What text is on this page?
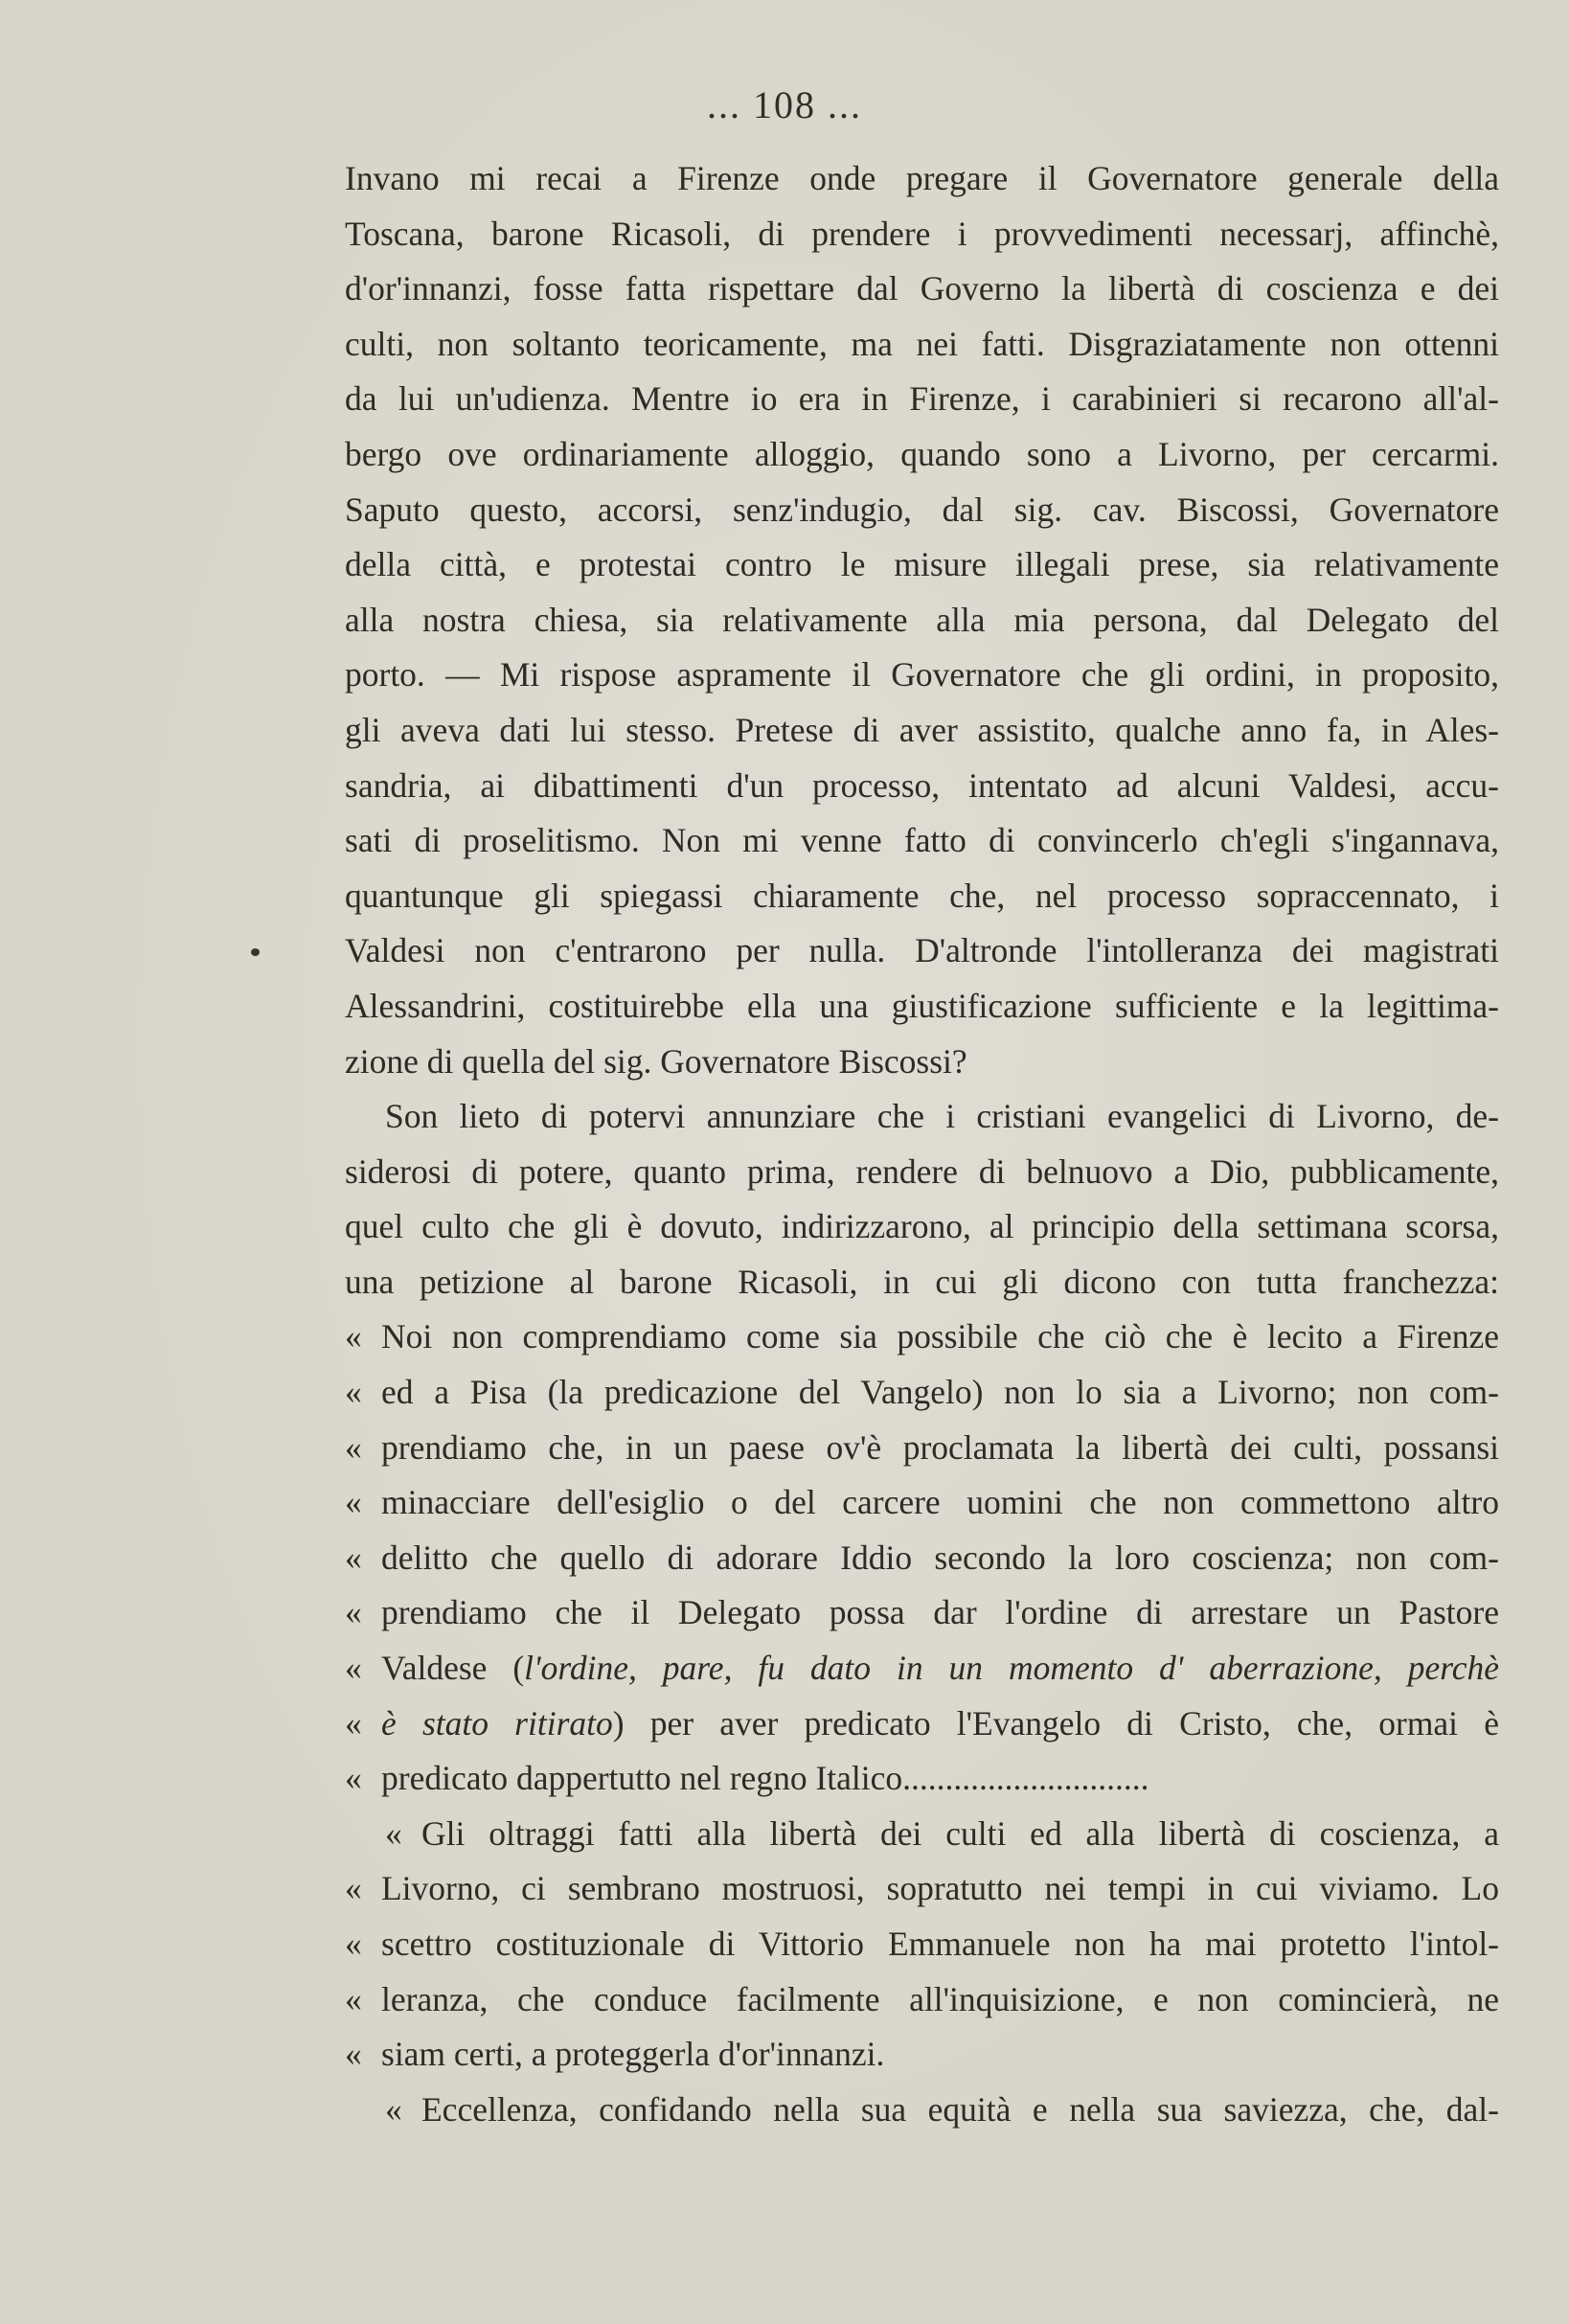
... 108 ...
Invano mi recai a Firenze onde pregare il Governatore generale della
Toscana, barone Ricasoli, di prendere i provvedimenti necessarj, affinchè,
d'or'innanzi, fosse fatta rispettare dal Governo la libertà di coscienza e dei
culti, non soltanto teoricamente, ma nei fatti. Disgraziatamente non ottenni
da lui un'udienza. Mentre io era in Firenze, i carabinieri si recarono all'al-
bergo ove ordinariamente alloggio, quando sono a Livorno, per cercarmi.
Saputo questo, accorsi, senz'indugio, dal sig. cav. Biscossi, Governatore
della città, e protestai contro le misure illegali prese, sia relativamente
alla nostra chiesa, sia relativamente alla mia persona, dal Delegato del
porto. — Mi rispose aspramente il Governatore che gli ordini, in proposito,
gli aveva dati lui stesso. Pretese di aver assistito, qualche anno fa, in Ales-
sandria, ai dibattimenti d'un processo, intentato ad alcuni Valdesi, accu-
sati di proselitismo. Non mi venne fatto di convincerlo ch'egli s'ingannava,
quantunque gli spiegassi chiaramente che, nel processo sopraccennato, i
Valdesi non c'entrarono per nulla. D'altronde l'intolleranza dei magistrati
Alessandrini, costituirebbe ella una giustificazione sufficiente e la legittima-
zione di quella del sig. Governatore Biscossi?
Son lieto di potervi annunziare che i cristiani evangelici di Livorno, de-
siderosi di potere, quanto prima, rendere di belnuovo a Dio, pubblicamente,
quel culto che gli è dovuto, indirizzarono, al principio della settimana scorsa,
una petizione al barone Ricasoli, in cui gli dicono con tutta franchezza:
« Noi non comprendiamo come sia possibile che ciò che è lecito a Firenze
« ed a Pisa (la predicazione del Vangelo) non lo sia a Livorno; non com-
« prendiamo che, in un paese ov'è proclamata la libertà dei culti, possansi
« minacciare dell'esiglio o del carcere uomini che non commettono altro
« delitto che quello di adorare Iddio secondo la loro coscienza; non com-
« prendiamo che il Delegato possa dar l'ordine di arrestare un Pastore
« Valdese (l'ordine, pare, fu dato in un momento d' aberrazione, perchè
« è stato ritirato) per aver predicato l'Evangelo di Cristo, che, ormai è
« predicato dappertutto nel regno Italico.............................
« Gli oltraggi fatti alla libertà dei culti ed alla libertà di coscienza, a
« Livorno, ci sembrano mostruosi, sopratutto nei tempi in cui viviamo. Lo
« scettro costituzionale di Vittorio Emmanuele non ha mai protetto l'intol-
« leranza, che conduce facilmente all'inquisizione, e non comincierà, ne
« siam certi, a proteggerla d'or'innanzi.
« Eccellenza, confidando nella sua equità e nella sua saviezza, che, dal-
